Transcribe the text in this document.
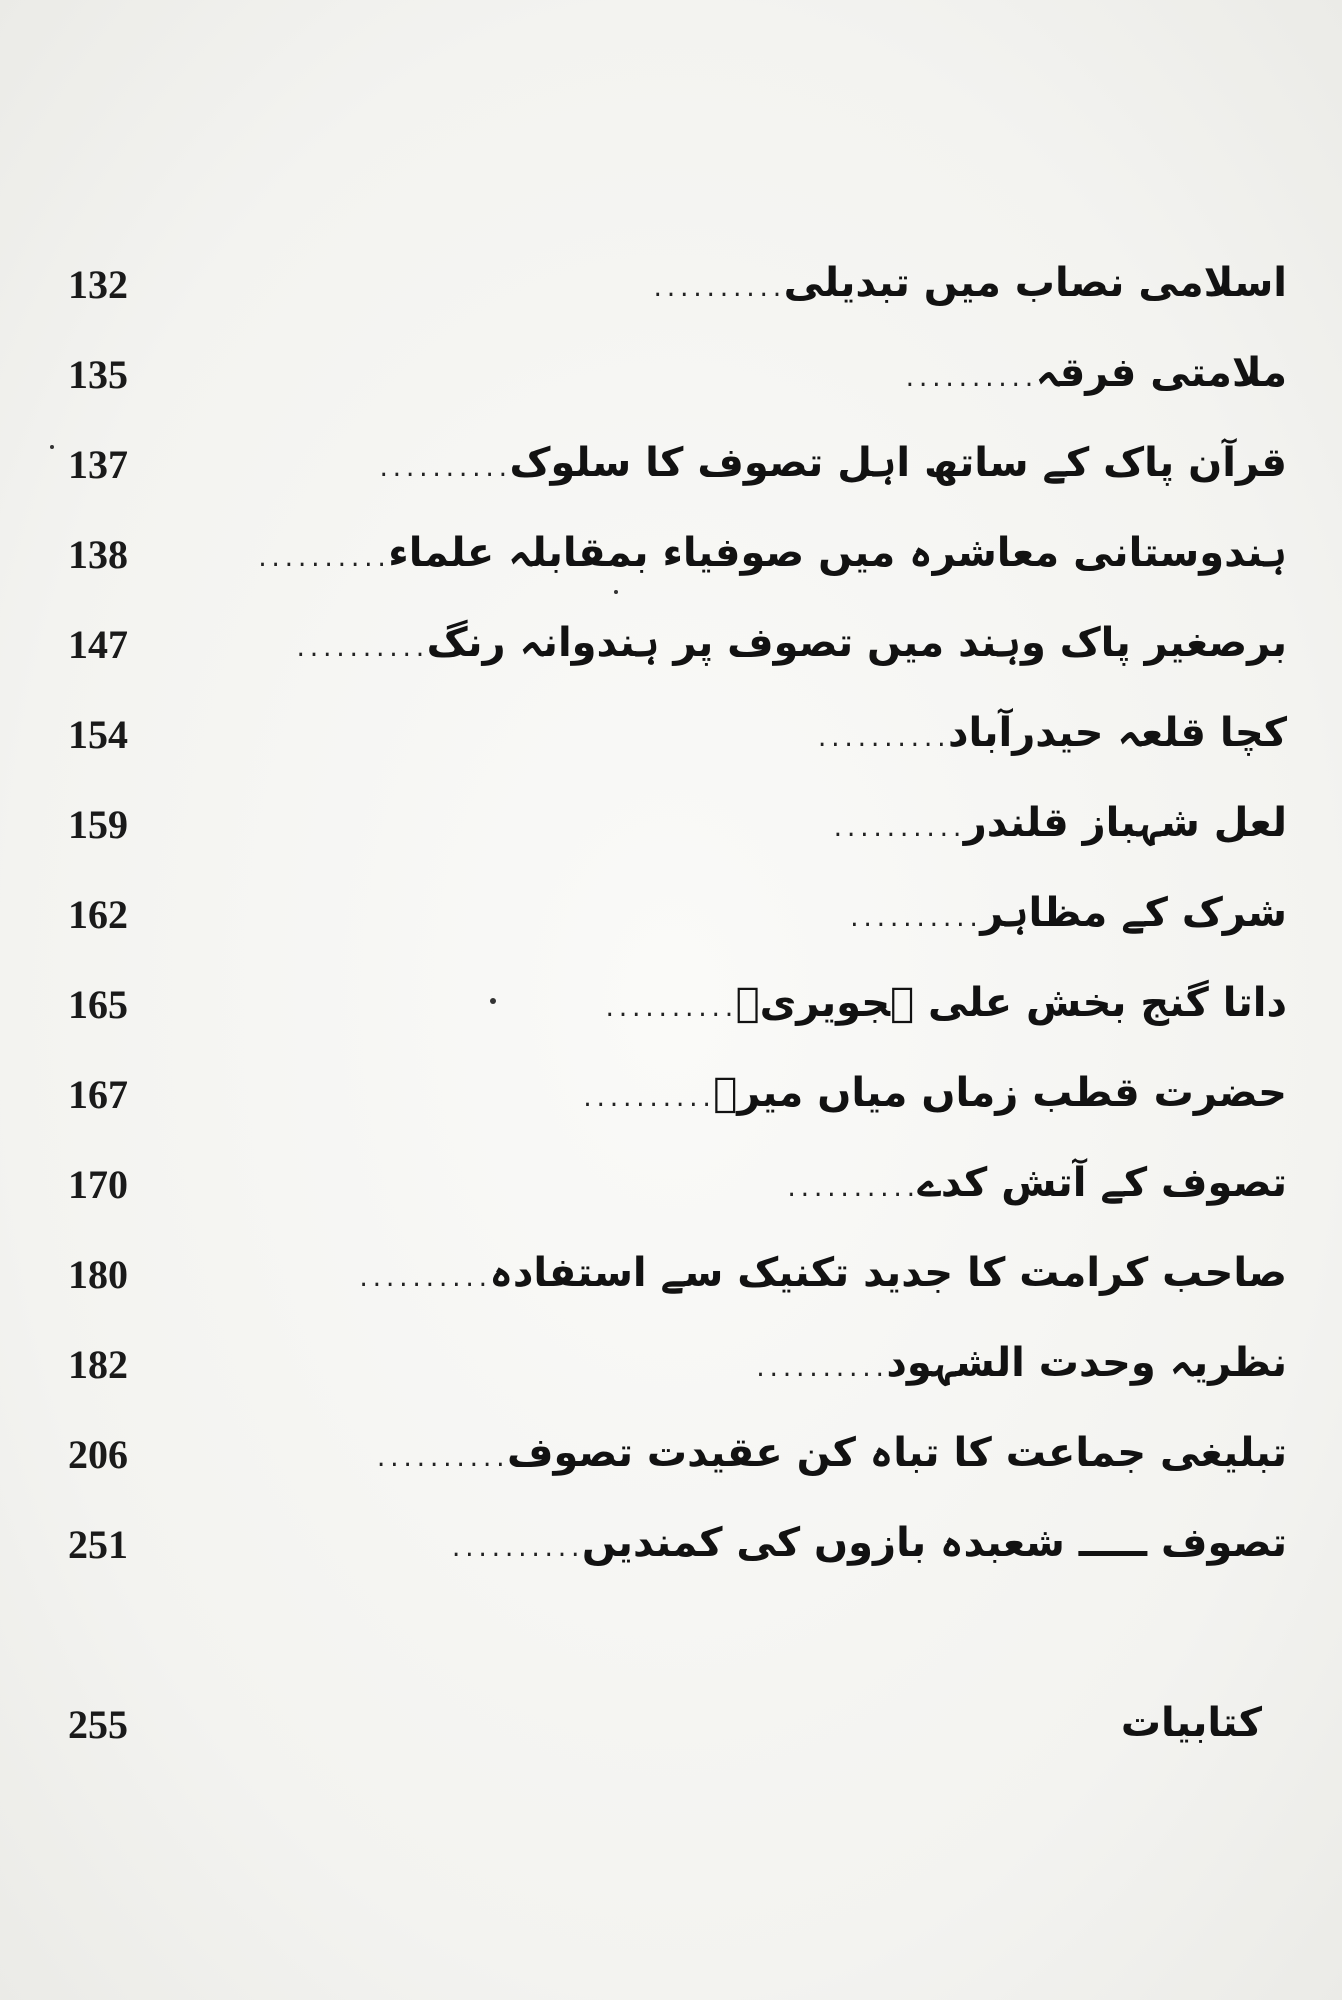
132	اسلامی نصاب میں تبدیلی..........
135	ملامتی فرقہ..........
137	قرآن پاک کے ساتھ اہل تصوف کا سلوک..........
138	ہندوستانی معاشرہ میں صوفیاء بمقابلہ علماء..........
147	برصغیر پاک وہند میں تصوف پر ہندوانہ رنگ..........
154	کچا قلعہ حیدرآباد..........
159	لعل شہباز قلندر..........
162	شرک کے مظاہر..........
165	داتا گنج بخش علی ہجویریؒ..........
167	حضرت قطب زماں میاں میرؒ..........
170	تصوف کے آتش کدے..........
180	صاحب کرامت کا جدید تکنیک سے استفادہ..........
182	نظریہ وحدت الشہود..........
206	تبلیغی جماعت کا تباہ کن عقیدت تصوف..........
251	تصوف ـــــ شعبدہ بازوں کی کمندیں..........
255	کتابیات
